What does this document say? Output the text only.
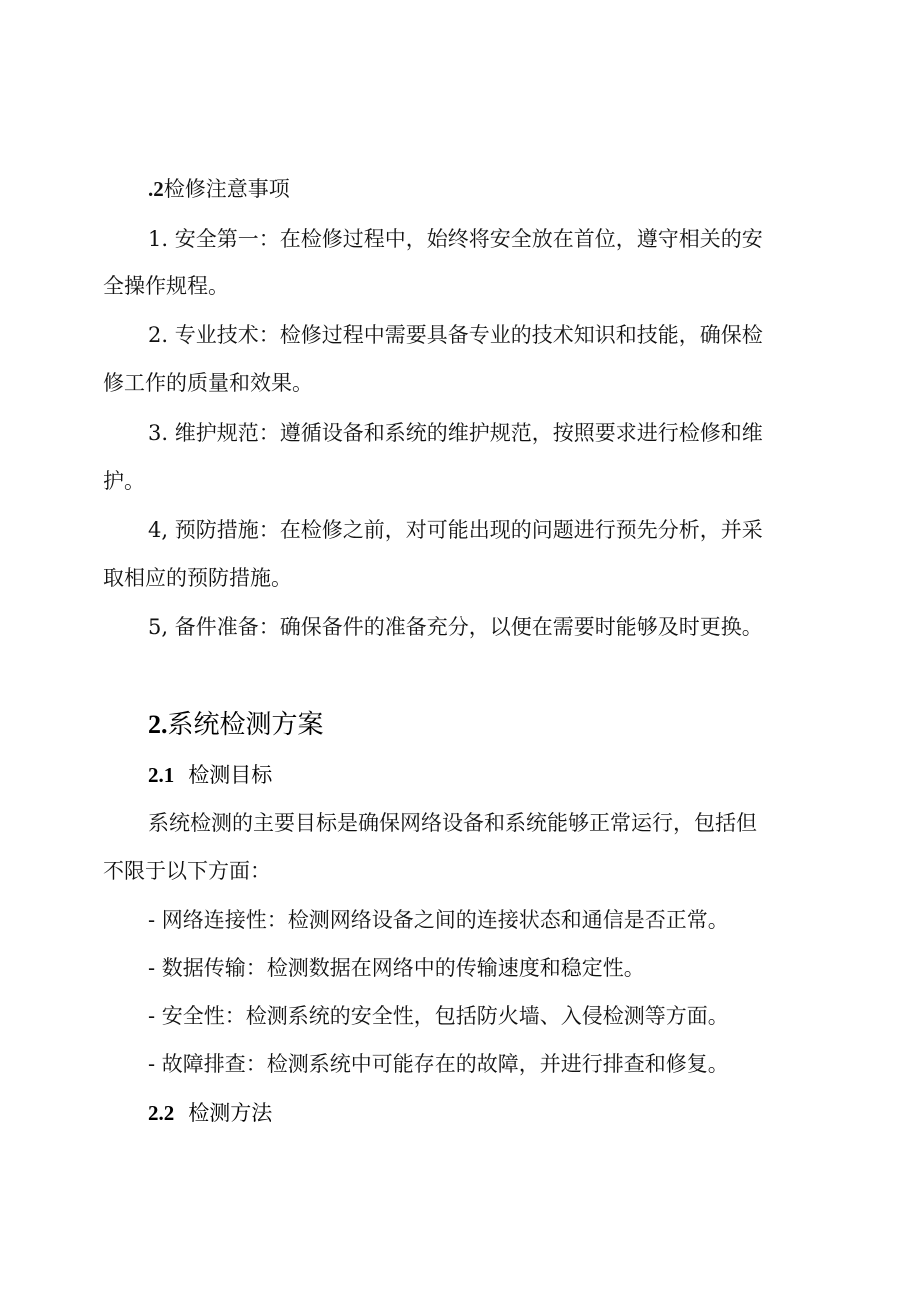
.2检修注意事项
1. 安全第一：在检修过程中，始终将安全放在首位，遵守相关的安
全操作规程。
2. 专业技术：检修过程中需要具备专业的技术知识和技能，确保检
修工作的质量和效果。
3. 维护规范：遵循设备和系统的维护规范，按照要求进行检修和维
护。
4, 预防措施：在检修之前，对可能出现的问题进行预先分析，并采
取相应的预防措施。
5, 备件准备：确保备件的准备充分，以便在需要时能够及时更换。
2.系统检测方案
2.1 检测目标
系统检测的主要目标是确保网络设备和系统能够正常运行，包括但
不限于以下方面：
- 网络连接性：检测网络设备之间的连接状态和通信是否正常。
- 数据传输：检测数据在网络中的传输速度和稳定性。
- 安全性：检测系统的安全性，包括防火墙、入侵检测等方面。
- 故障排查：检测系统中可能存在的故障，并进行排查和修复。
2.2 检测方法
